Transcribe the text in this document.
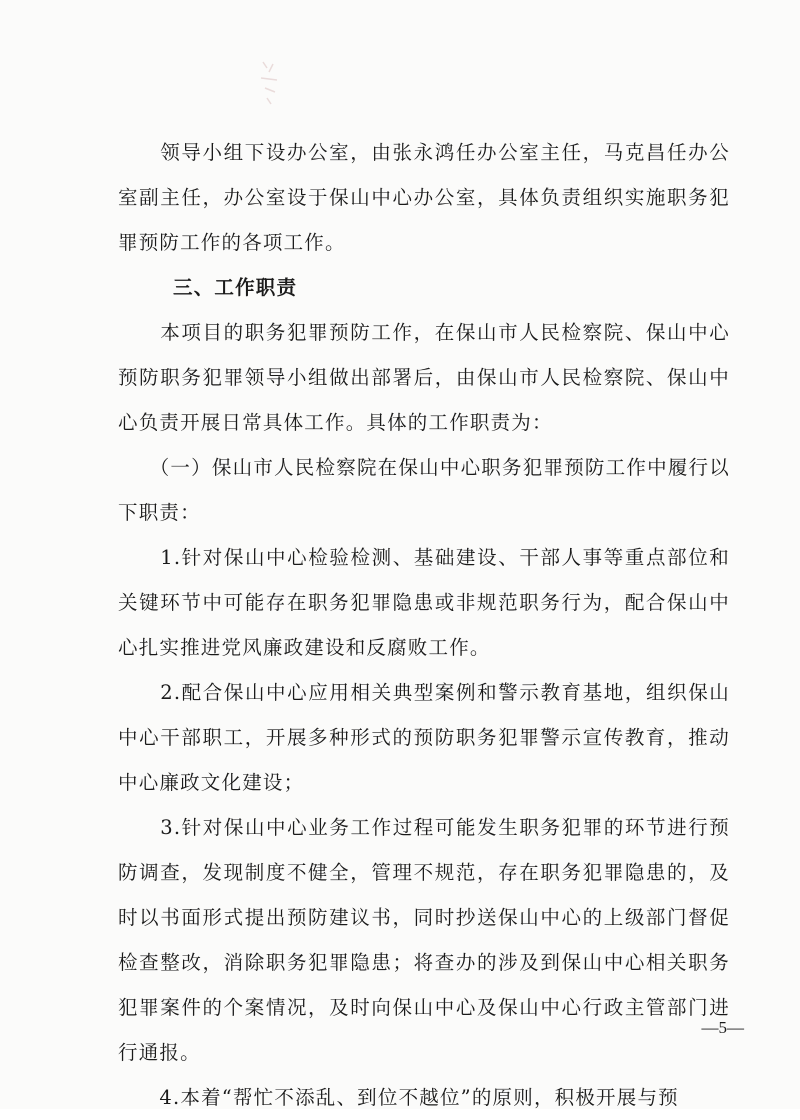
　　领导小组下设办公室，由张永鸿任办公室主任，马克昌任办公室副主任，办公室设于保山中心办公室，具体负责组织实施职务犯罪预防工作的各项工作。

三、工作职责

　　本项目的职务犯罪预防工作，在保山市人民检察院、保山中心预防职务犯罪领导小组做出部署后，由保山市人民检察院、保山中心负责开展日常具体工作。具体的工作职责为：

　　（一）保山市人民检察院在保山中心职务犯罪预防工作中履行以下职责：

　　1.针对保山中心检验检测、基础建设、干部人事等重点部位和关键环节中可能存在职务犯罪隐患或非规范职务行为，配合保山中心扎实推进党风廉政建设和反腐败工作。

　　2.配合保山中心应用相关典型案例和警示教育基地，组织保山中心干部职工，开展多种形式的预防职务犯罪警示宣传教育，推动中心廉政文化建设；

　　3.针对保山中心业务工作过程可能发生职务犯罪的环节进行预防调查，发现制度不健全，管理不规范，存在职务犯罪隐患的，及时以书面形式提出预防建议书，同时抄送保山中心的上级部门督促检查整改，消除职务犯罪隐患；将查办的涉及到保山中心相关职务犯罪案件的个案情况，及时向保山中心及保山中心行政主管部门进行通报。

　　4.本着“帮忙不添乱、到位不越位”的原则，积极开展与预

—5—
